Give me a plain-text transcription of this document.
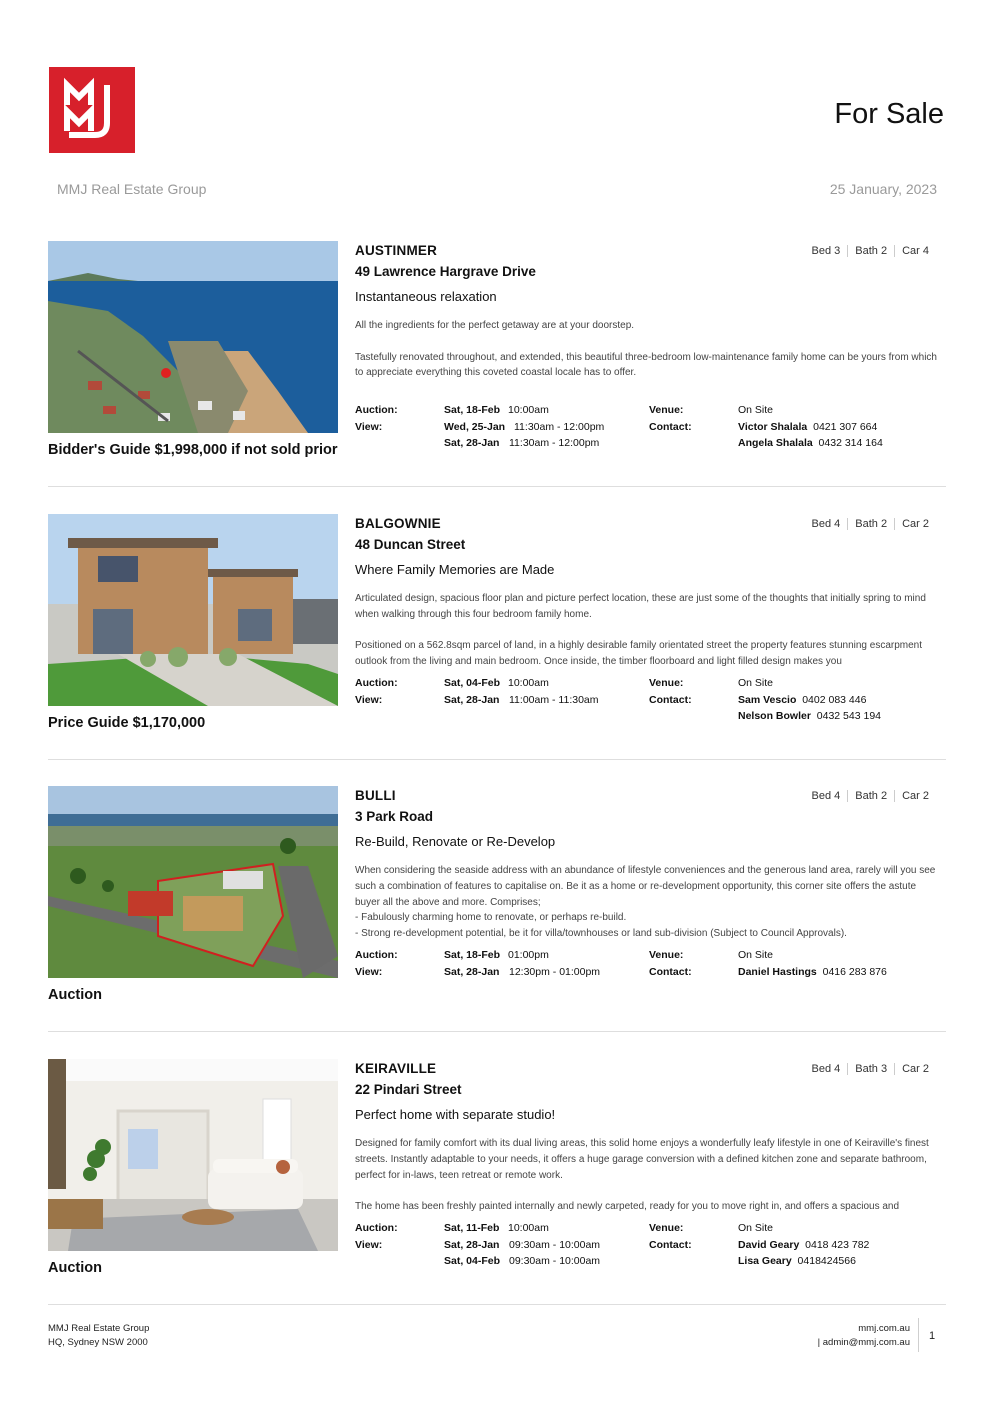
For Sale
MMJ Real Estate Group	25 January, 2023
Bidder's Guide $1,998,000 if not sold prior
AUSTINMER
49 Lawrence Hargrave Drive
Instantaneous relaxation
Bed 3	Bath 2	Car 4

All the ingredients for the perfect getaway are at your doorstep.

Tastefully renovated throughout, and extended, this beautiful three-bedroom low-maintenance family home can be yours from which to appreciate everything this coveted coastal locale has to offer.

Auction:	Sat, 18-Feb 10:00am	Venue:	On Site
View:	Wed, 25-Jan 11:30am - 12:00pm	Contact:	Victor Shalala 0421 307 664
Sat, 28-Jan 11:30am - 12:00pm	Angela Shalala 0432 314 164
Price Guide $1,170,000
BALGOWNIE
48 Duncan Street
Where Family Memories are Made
Bed 4	Bath 2	Car 2

Articulated design, spacious floor plan and picture perfect location, these are just some of the thoughts that initially spring to mind when walking through this four bedroom family home.

Positioned on a 562.8sqm parcel of land, in a highly desirable family orientated street the property features stunning escarpment outlook from the living and main bedroom. Once inside, the timber floorboard and light filled design makes you

Auction:	Sat, 04-Feb 10:00am	Venue:	On Site
View:	Sat, 28-Jan 11:00am - 11:30am	Contact:	Sam Vescio 0402 083 446
Nelson Bowler 0432 543 194
Auction
BULLI
3 Park Road
Re-Build, Renovate or Re-Develop
Bed 4	Bath 2	Car 2

When considering the seaside address with an abundance of lifestyle conveniences and the generous land area, rarely will you see such a combination of features to capitalise on. Be it as a home or re-development opportunity, this corner site offers the astute buyer all the above and more. Comprises;

- Fabulously charming home to renovate, or perhaps re-build.

- Strong re-development potential, be it for villa/townhouses or land sub-division (Subject to Council Approvals).

Auction:	Sat, 18-Feb 01:00pm	Venue:	On Site
View:	Sat, 28-Jan 12:30pm - 01:00pm	Contact:	Daniel Hastings 0416 283 876
Auction
KEIRAVILLE
22 Pindari Street
Perfect home with separate studio!
Bed 4	Bath 3	Car 2

Designed for family comfort with its dual living areas, this solid home enjoys a wonderfully leafy lifestyle in one of Keiraville's finest streets. Instantly adaptable to your needs, it offers a huge garage conversion with a defined kitchen zone and separate bathroom, perfect for in-laws, teen retreat or remote work.

The home has been freshly painted internally and newly carpeted, ready for you to move right in, and offers a spacious and

Auction:	Sat, 11-Feb 10:00am	Venue:	On Site
View:	Sat, 28-Jan 09:30am - 10:00am	Contact:	David Geary 0418 423 782
Sat, 04-Feb 09:30am - 10:00am	Lisa Geary 0418424566
MMJ Real Estate Group
HQ, Sydney NSW 2000
mmj.com.au
| admin@mmj.com.au
1
